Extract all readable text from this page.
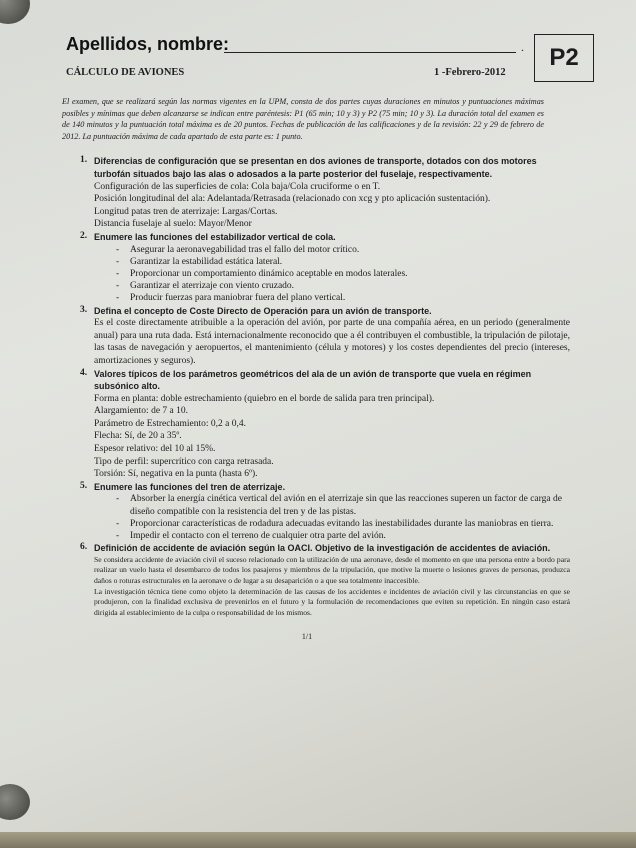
Apellidos, nombre:	.	P2
CÁLCULO DE AVIONES	1 -Febrero-2012
El examen, que se realizará según las normas vigentes en la UPM, consta de dos partes cuyas duraciones en minutos y puntuaciones máximas posibles y mínimas que deben alcanzarse se indican entre paréntesis: P1 (65 min; 10 y 3) y P2 (75 min; 10 y 3). La duración total del examen es de 140 minutos y la puntuación total máxima es de 20 puntos. Fechas de publicación de las calificaciones y de la revisión: 22 y 29 de febrero de 2012. La puntuación máxima de cada apartado de esta parte es: 1 punto.
1. Diferencias de configuración que se presentan en dos aviones de transporte, dotados con dos motores turbofán situados bajo las alas o adosados a la parte posterior del fuselaje, respectivamente.

Configuración de las superficies de cola: Cola baja/Cola cruciforme o en T.

Posición longitudinal del ala: Adelantada/Retrasada (relacionado con xcg y pto aplicación sustentación).

Longitud patas tren de aterrizaje: Largas/Cortas.

Distancia fuselaje al suelo: Mayor/Menor

2. Enumere las funciones del estabilizador vertical de cola.
- Asegurar la aeronavegabilidad tras el fallo del motor crítico.
- Garantizar la estabilidad estática lateral.
- Proporcionar un comportamiento dinámico aceptable en modos laterales.
- Garantizar el aterrizaje con viento cruzado.
- Producir fuerzas para maniobrar fuera del plano vertical.
3. Defina el concepto de Coste Directo de Operación para un avión de transporte.

Es el coste directamente atribuible a la operación del avión, por parte de una compañía aérea, en un periodo (generalmente anual) para una ruta dada. Está internacionalmente reconocido que a él contribuyen el combustible, la tripulación de pilotaje, las tasas de navegación y aeropuertos, el mantenimiento (célula y motores) y los costes dependientes del precio (intereses, amortizaciones y seguros).

4. Valores típicos de los parámetros geométricos del ala de un avión de transporte que vuela en régimen subsónico alto.

Forma en planta: doble estrechamiento (quiebro en el borde de salida para tren principal).

Alargamiento: de 7 a 10.

Parámetro de Estrechamiento: 0,2 a 0,4.

Flecha: Sí, de 20 a 35º.

Espesor relativo: del 10 al 15%.

Tipo de perfil: supercrítico con carga retrasada.

Torsión: Sí, negativa en la punta (hasta 6º).

5. Enumere las funciones del tren de aterrizaje.
- Absorber la energía cinética vertical del avión en el aterrizaje sin que las reacciones superen un factor de carga de diseño compatible con la resistencia del tren y de las pistas.
- Proporcionar características de rodadura adecuadas evitando las inestabilidades durante las maniobras en tierra.
- Impedir el contacto con el terreno de cualquier otra parte del avión.
6. Definición de accidente de aviación según la OACI. Objetivo de la investigación de accidentes de aviación.

Se considera accidente de aviación civil el suceso relacionado con la utilización de una aeronave, desde el momento en que una persona entre a bordo para realizar un vuelo hasta el desembarco de todos los pasajeros y miembros de la tripulación, que motive la muerte o lesiones graves de personas, produzca daños o roturas estructurales en la aeronave o de lugar a su desaparición o a que sea totalmente inaccesible.

La investigación técnica tiene como objeto la determinación de las causas de los accidentes e incidentes de aviación civil y las circunstancias en que se produjeron, con la finalidad exclusiva de prevenirlos en el futuro y la formulación de recomendaciones que eviten su repetición. En ningún caso estará dirigida al establecimiento de la culpa o responsabilidad de los mismos.

1/1
